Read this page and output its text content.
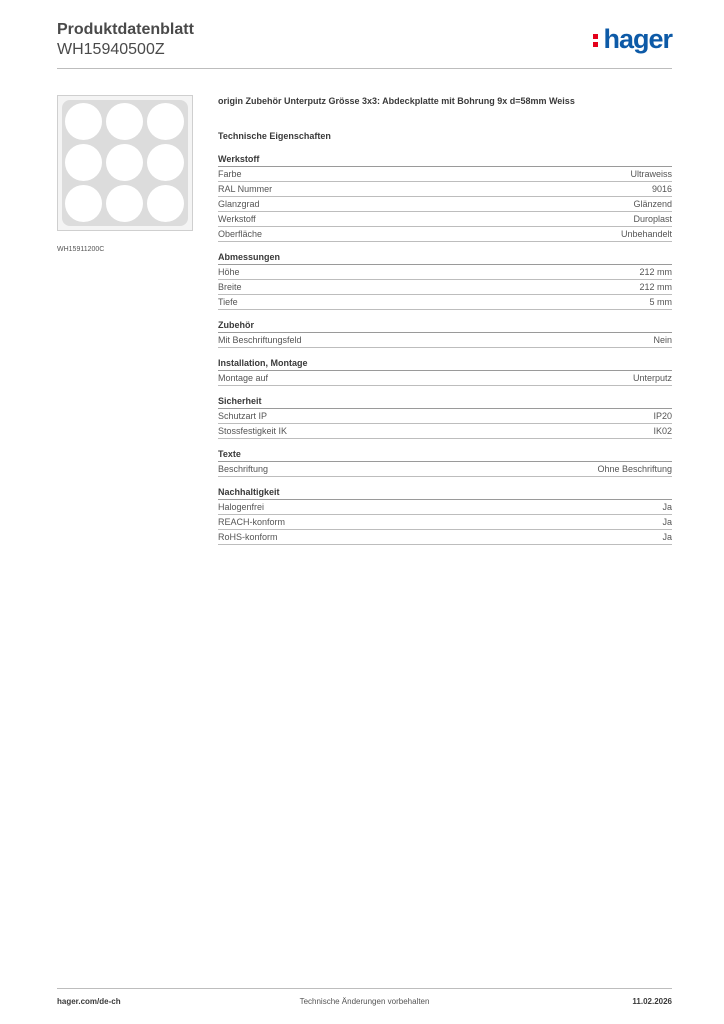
Produktdatenblatt
WH15940500Z	hager
WH15911200C
origin Zubehör Unterputz Grösse 3x3: Abdeckplatte mit Bohrung 9x d=58mm Weiss
Technische Eigenschaften
Werkstoff
Farbe	Ultraweiss
RAL Nummer	9016
Glanzgrad	Glänzend
Werkstoff	Duroplast
Oberfläche	Unbehandelt
Abmessungen
Höhe	212 mm
Breite	212 mm
Tiefe	5 mm
Zubehör
Mit Beschriftungsfeld	Nein
Installation, Montage
Montage auf	Unterputz
Sicherheit
Schutzart IP	IP20
Stossfestigkeit IK	IK02
Texte
Beschriftung	Ohne Beschriftung
Nachhaltigkeit
Halogenfrei	Ja
REACH-konform	Ja
RoHS-konform	Ja
hager.com/de-ch	Technische Änderungen vorbehalten	11.02.2026
